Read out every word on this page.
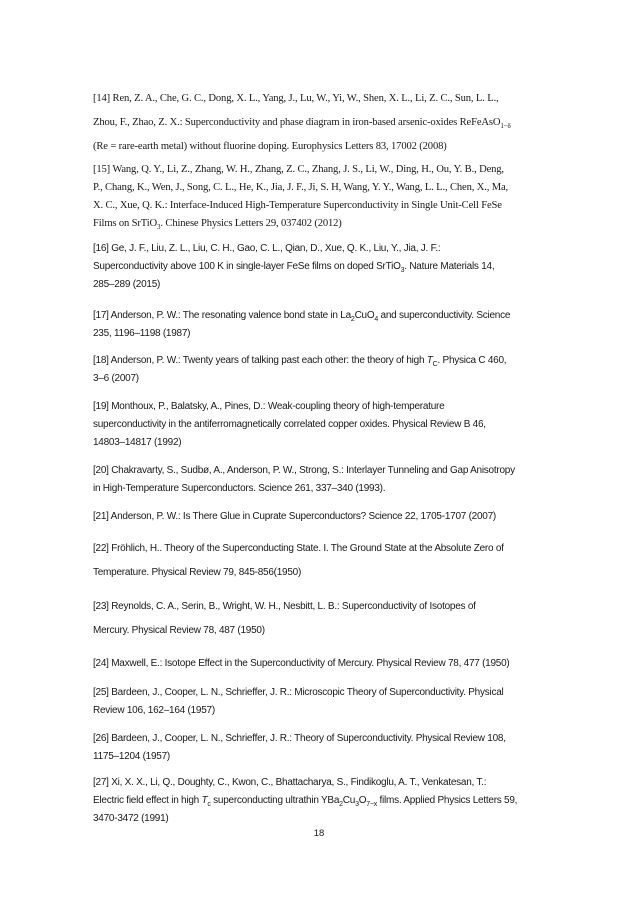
[14] Ren, Z. A., Che, G. C., Dong, X. L., Yang, J., Lu, W., Yi, W., Shen, X. L., Li, Z. C., Sun, L. L.,
Zhou, F., Zhao, Z. X.: Superconductivity and phase diagram in iron-based arsenic-oxides ReFeAsO$_{1-\delta}$
(Re = rare-earth metal) without fluorine doping. Europhysics Letters 83, 17002 (2008)

[15] Wang, Q. Y., Li, Z., Zhang, W. H., Zhang, Z. C., Zhang, J. S., Li, W., Ding, H., Ou, Y. B., Deng,
P., Chang, K., Wen, J., Song, C. L., He, K., Jia, J. F., Ji, S. H, Wang, Y. Y., Wang, L. L., Chen, X., Ma,
X. C., Xue, Q. K.: Interface-Induced High-Temperature Superconductivity in Single Unit-Cell FeSe
Films on SrTiO$_3$. Chinese Physics Letters 29, 037402 (2012)

[16] Ge, J. F., Liu, Z. L., Liu, C. H., Gao, C. L., Qian, D., Xue, Q. K., Liu, Y., Jia, J. F.:
Superconductivity above 100 K in single-layer FeSe films on doped SrTiO$_3$. Nature Materials 14,
285–289 (2015)

[17] Anderson, P. W.: The resonating valence bond state in $La_2CuO_4$ and superconductivity. Science
235, 1196–1198 (1987)

[18] Anderson, P. W.: Twenty years of talking past each other: the theory of high $T_C$. Physica C 460,
3–6 (2007)

[19] Monthoux, P., Balatsky, A., Pines, D.: Weak-coupling theory of high-temperature
superconductivity in the antiferromagnetically correlated copper oxides. Physical Review B 46,
14803–14817 (1992)

[20] Chakravarty, S., Sudbø, A., Anderson, P. W., Strong, S.: Interlayer Tunneling and Gap Anisotropy
in High-Temperature Superconductors. Science 261, 337–340 (1993).

[21] Anderson, P. W.: Is There Glue in Cuprate Superconductors? Science 22, 1705-1707 (2007)

[22] Fröhlich, H.. Theory of the Superconducting State. I. The Ground State at the Absolute Zero of
Temperature. Physical Review 79, 845-856(1950)

[23] Reynolds, C. A., Serin, B., Wright, W. H., Nesbitt, L. B.: Superconductivity of Isotopes of
Mercury. Physical Review 78, 487 (1950)

[24] Maxwell, E.: Isotope Effect in the Superconductivity of Mercury. Physical Review 78, 477 (1950)

[25] Bardeen, J., Cooper, L. N., Schrieffer, J. R.: Microscopic Theory of Superconductivity. Physical
Review 106, 162–164 (1957)

[26] Bardeen, J., Cooper, L. N., Schrieffer, J. R.: Theory of Superconductivity. Physical Review 108,
1175–1204 (1957)

[27] Xi, X. X., Li, Q., Doughty, C., Kwon, C., Bhattacharya, S., Findikoglu, A. T., Venkatesan, T.:
Electric field effect in high $T_c$ superconducting ultrathin $YBa_2Cu_3O_{7-x}$ films. Applied Physics Letters 59,
3470-3472 (1991)

18
